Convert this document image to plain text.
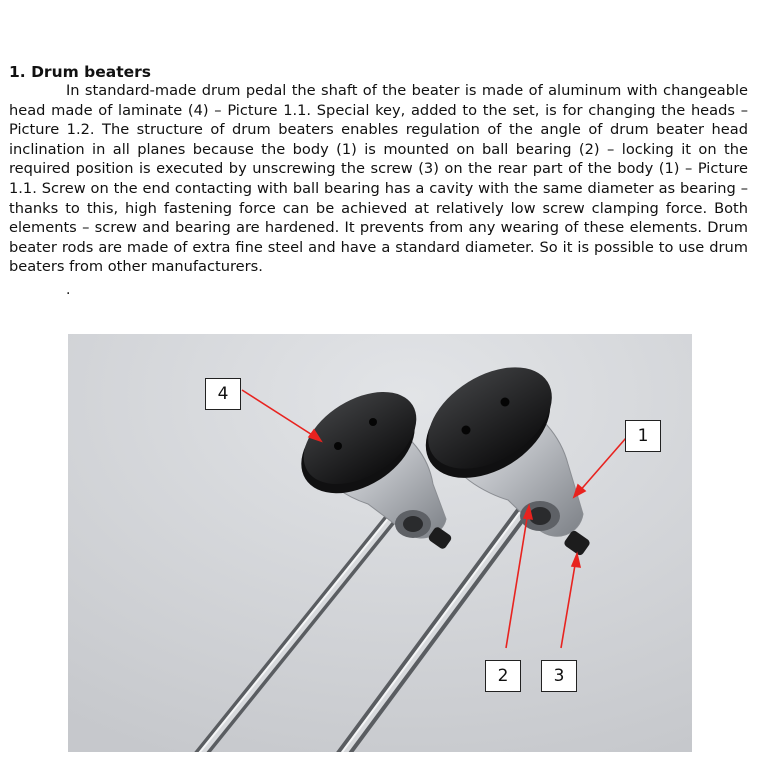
1. Drum beaters

In standard-made drum pedal the shaft of the beater is made of aluminum with changeable head made of laminate (4) – Picture 1.1. Special key, added to the set, is for changing the heads – Picture 1.2. The structure of drum beaters enables regulation of the angle of drum beater head inclination in all planes because the body (1) is mounted on ball bearing (2) – locking it on the required position is executed by unscrewing the screw (3) on the rear part of the body (1) – Picture 1.1. Screw on the end contacting with ball bearing has a cavity with the same diameter as bearing – thanks to this, high fastening force can be achieved at relatively low screw clamping force. Both elements – screw and bearing are hardened. It prevents from any wearing of these elements. Drum beater rods are made of extra fine steel and have a standard diameter. So it is possible to use drum beaters from other manufacturers.

.
4
1
2	3
